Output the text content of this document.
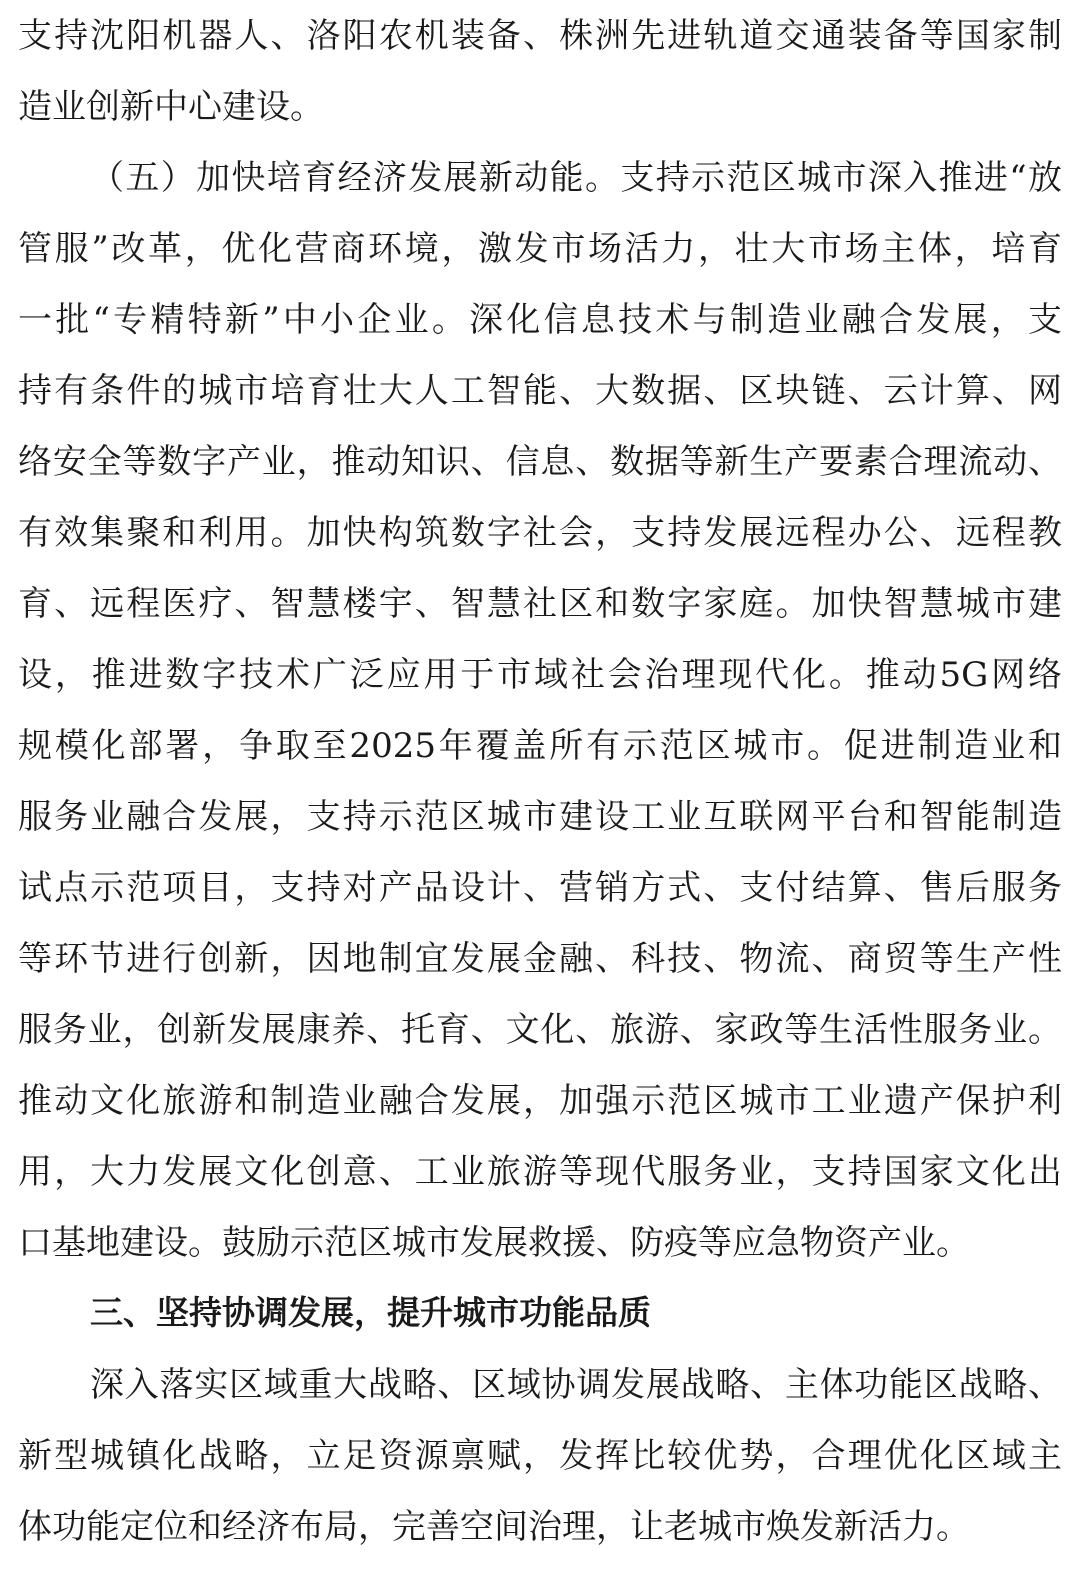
支持沈阳机器人、洛阳农机装备、株洲先进轨道交通装备等国家制
造业创新中心建设。
（五）加快培育经济发展新动能。支持示范区城市深入推进“放
管服”改革，优化营商环境，激发市场活力，壮大市场主体，培育
一批“专精特新”中小企业。深化信息技术与制造业融合发展，支
持有条件的城市培育壮大人工智能、大数据、区块链、云计算、网
络安全等数字产业，推动知识、信息、数据等新生产要素合理流动、
有效集聚和利用。加快构筑数字社会，支持发展远程办公、远程教
育、远程医疗、智慧楼宇、智慧社区和数字家庭。加快智慧城市建
设，推进数字技术广泛应用于市域社会治理现代化。推动5G网络
规模化部署，争取至2025年覆盖所有示范区城市。促进制造业和
服务业融合发展，支持示范区城市建设工业互联网平台和智能制造
试点示范项目，支持对产品设计、营销方式、支付结算、售后服务
等环节进行创新，因地制宜发展金融、科技、物流、商贸等生产性
服务业，创新发展康养、托育、文化、旅游、家政等生活性服务业。
推动文化旅游和制造业融合发展，加强示范区城市工业遗产保护利
用，大力发展文化创意、工业旅游等现代服务业，支持国家文化出
口基地建设。鼓励示范区城市发展救援、防疫等应急物资产业。
三、坚持协调发展，提升城市功能品质
深入落实区域重大战略、区域协调发展战略、主体功能区战略、
新型城镇化战略，立足资源禀赋，发挥比较优势，合理优化区域主
体功能定位和经济布局，完善空间治理，让老城市焕发新活力。
